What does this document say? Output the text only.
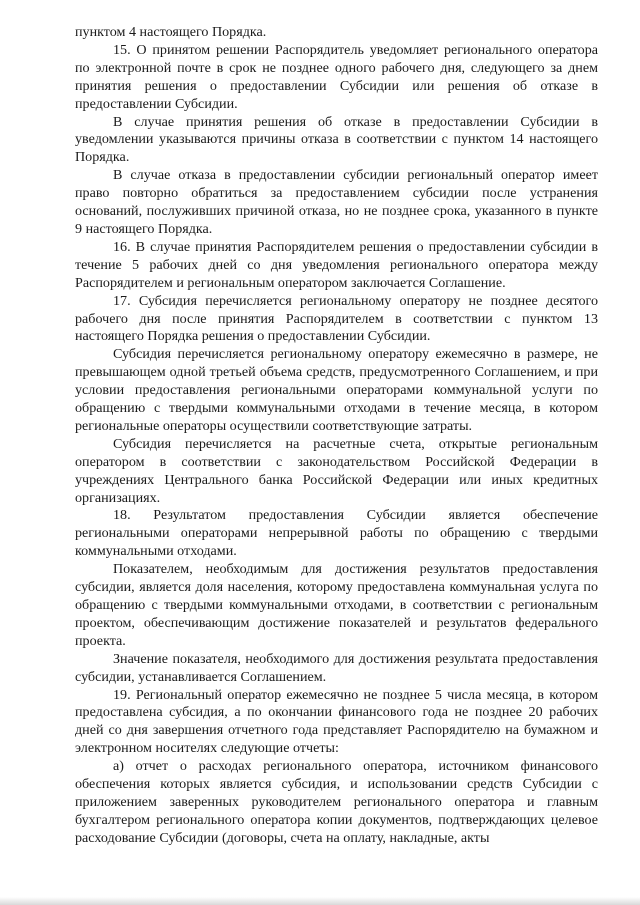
пунктом 4 настоящего Порядка.

15. О принятом решении Распорядитель уведомляет регионального оператора по электронной почте в срок не позднее одного рабочего дня, следующего за днем принятия решения о предоставлении Субсидии или решения об отказе в предоставлении Субсидии.

В случае принятия решения об отказе в предоставлении Субсидии в уведомлении указываются причины отказа в соответствии с пунктом 14 настоящего Порядка.

В случае отказа в предоставлении субсидии региональный оператор имеет право повторно обратиться за предоставлением субсидии после устранения оснований, послуживших причиной отказа, но не позднее срока, указанного в пункте 9 настоящего Порядка.

16. В случае принятия Распорядителем решения о предоставлении субсидии в течение 5 рабочих дней со дня уведомления регионального оператора между Распорядителем и региональным оператором заключается Соглашение.

17. Субсидия перечисляется региональному оператору не позднее десятого рабочего дня после принятия Распорядителем в соответствии с пунктом 13 настоящего Порядка решения о предоставлении Субсидии.

Субсидия перечисляется региональному оператору ежемесячно в размере, не превышающем одной третьей объема средств, предусмотренного Соглашением, и при условии предоставления региональными операторами коммунальной услуги по обращению с твердыми коммунальными отходами в течение месяца, в котором региональные операторы осуществили соответствующие затраты.

Субсидия перечисляется на расчетные счета, открытые региональным оператором в соответствии с законодательством Российской Федерации в учреждениях Центрального банка Российской Федерации или иных кредитных организациях.

18. Результатом предоставления Субсидии является обеспечение региональными операторами непрерывной работы по обращению с твердыми коммунальными отходами.

Показателем, необходимым для достижения результатов предоставления субсидии, является доля населения, которому предоставлена коммунальная услуга по обращению с твердыми коммунальными отходами, в соответствии с региональным проектом, обеспечивающим достижение показателей и результатов федерального проекта.

Значение показателя, необходимого для достижения результата предоставления субсидии, устанавливается Соглашением.

19. Региональный оператор ежемесячно не позднее 5 числа месяца, в котором предоставлена субсидия, а по окончании финансового года не позднее 20 рабочих дней со дня завершения отчетного года представляет Распорядителю на бумажном и электронном носителях следующие отчеты:

а) отчет о расходах регионального оператора, источником финансового обеспечения которых является субсидия, и использовании средств Субсидии с приложением заверенных руководителем регионального оператора и главным бухгалтером регионального оператора копии документов, подтверждающих целевое расходование Субсидии (договоры, счета на оплату, накладные, акты
